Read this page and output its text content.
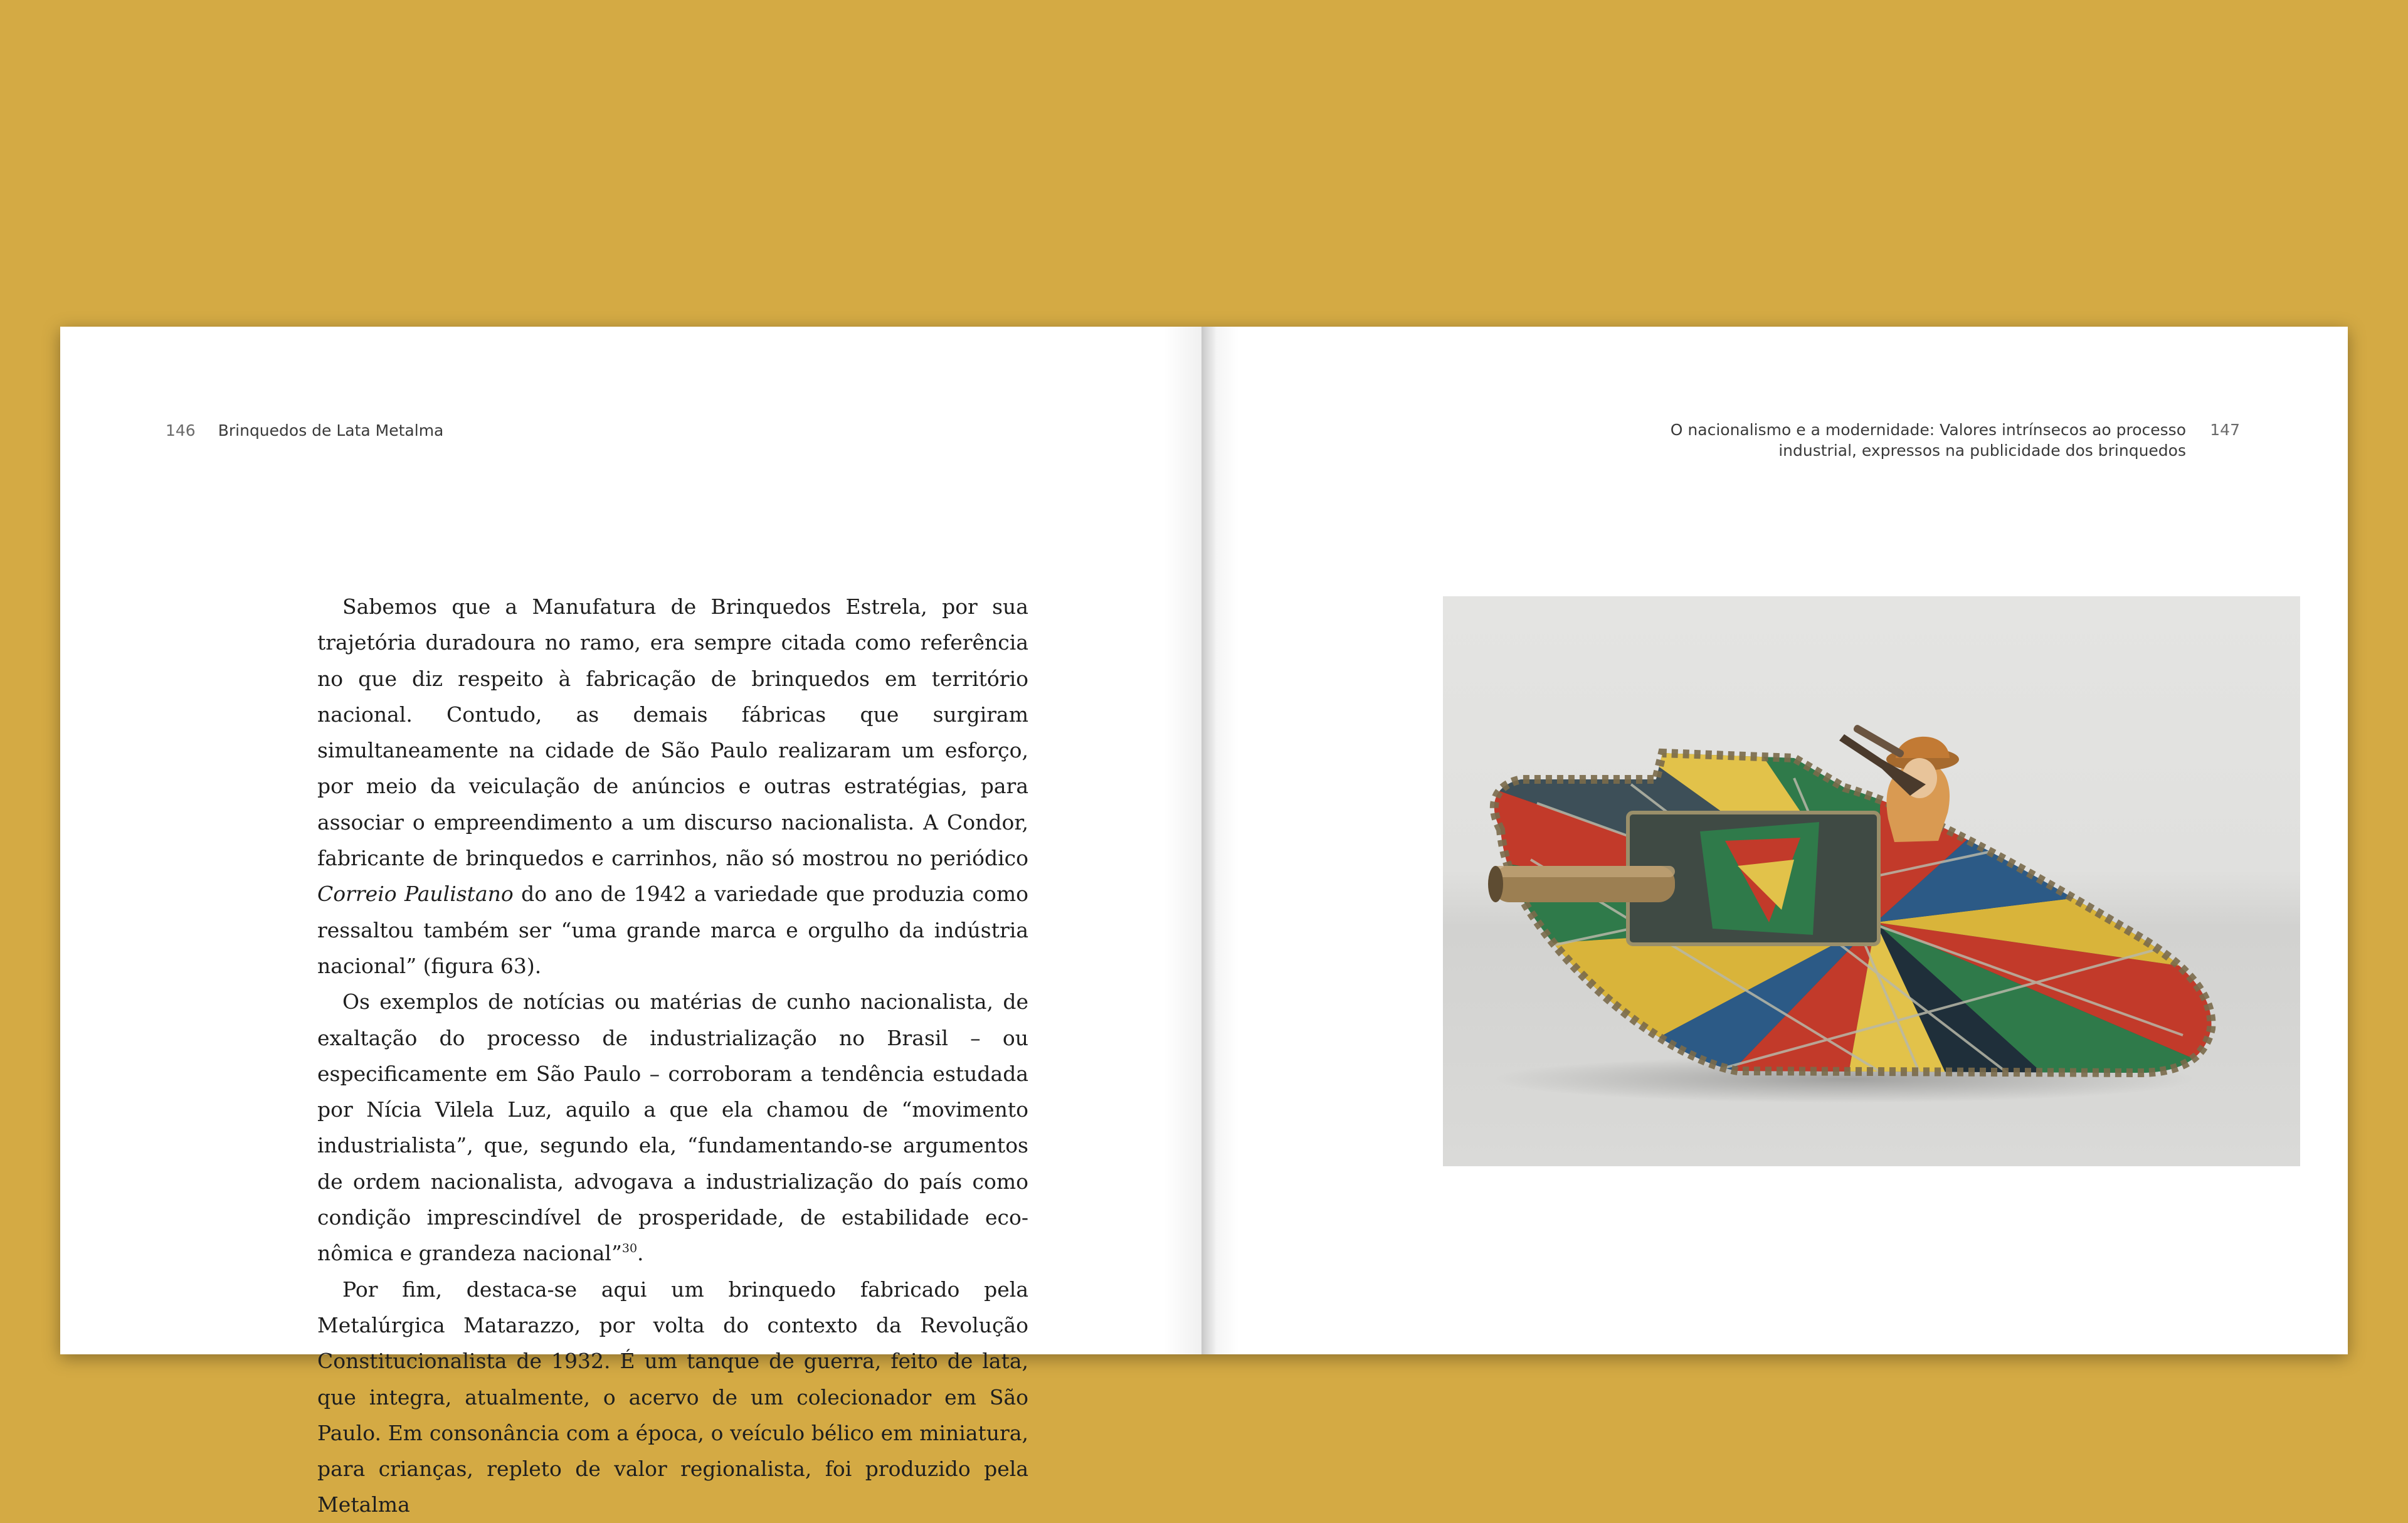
146 Brinquedos de Lata Metalma

Sabemos que a Manufatura de Brinquedos Estrela, por sua trajetória duradoura no ramo, era sempre citada como referência no que diz respeito à fabricação de brinquedos em território nacional. Contudo, as demais fábricas que surgiram simultaneamente na cidade de São Paulo realizaram um esforço, por meio da veiculação de anúncios e outras estratégias, para associar o empreendimento a um discurso nacionalista. A Condor, fabricante de brinquedos e carrinhos, não só mostrou no periódico Correio Paulistano do ano de 1942 a variedade que produzia como ressaltou também ser “uma grande marca e orgulho da indústria nacional” (figura 63).

Os exemplos de notícias ou matérias de cunho nacionalista, de exaltação do processo de industrialização no Brasil – ou especificamente em São Paulo – corroboram a tendência estudada por Nícia Vilela Luz, aquilo a que ela chamou de “movimento industrialista”, que, segundo ela, “fundamentando-se argumentos de ordem nacionalista, advogava a industrialização do país como condição imprescindível de prosperidade, de estabilidade econômica e grandeza nacional”$^{30}$.

Por fim, destaca-se aqui um brinquedo fabricado pela Metalúrgica Matarazzo, por volta do contexto da Revolução Constitucionalista de 1932. É um tanque de guerra, feito de lata, que integra, atualmente, o acervo de um colecionador em São Paulo. Em consonância com a época, o veículo bélico em miniatura, para crianças, repleto de valor regionalista, foi produzido pela Metalma

O nacionalismo e a modernidade: Valores intrínsecos ao processo
industrial, expressos na publicidade dos brinquedos
147
